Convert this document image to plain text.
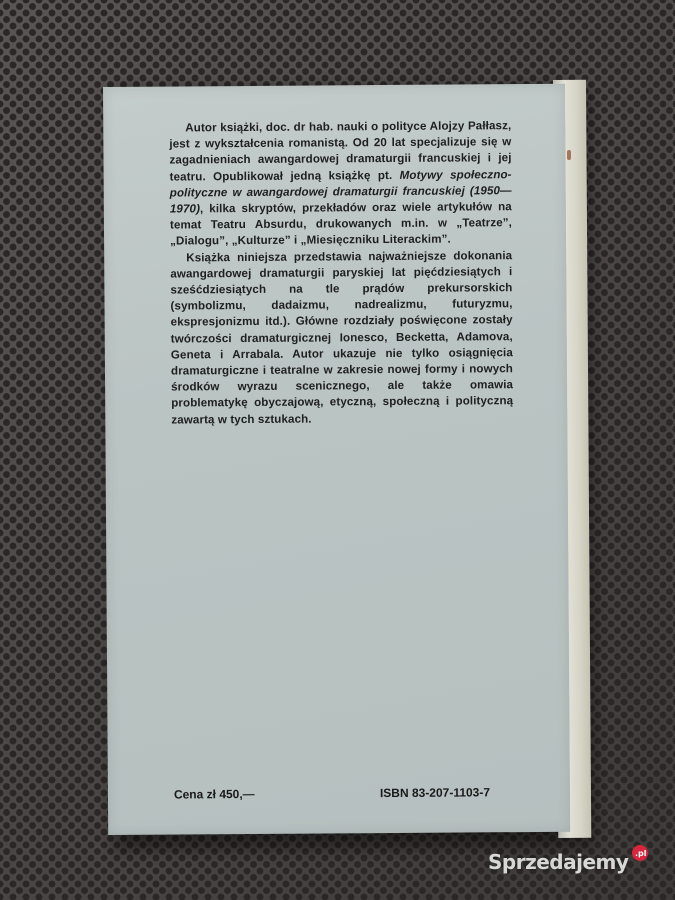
Autor książki, doc. dr hab. nauki o polityce Alojzy Pałłasz, jest z wykształcenia romanistą. Od 20 lat specjalizuje się w zagadnieniach awangardowej dramaturgii francuskiej i jej teatru. Opublikował jedną książkę pt. Motywy społeczno-polityczne w awangardowej dramaturgii francuskiej (1950—1970), kilka skryptów, przekładów oraz wiele artykułów na temat Teatru Absurdu, drukowanych m.in. w „Teatrze”, „Dialogu”, „Kulturze” i „Miesięczniku Literackim”.

Książka niniejsza przedstawia najważniejsze dokonania awangardowej dramaturgii paryskiej lat pięćdziesiątych i sześćdziesiątych na tle prądów prekursorskich (symbolizmu, dadaizmu, nadrealizmu, futuryzmu, ekspresjonizmu itd.). Główne rozdziały poświęcone zostały twórczości dramaturgicznej Ionesco, Becketta, Adamova, Geneta i Arrabala. Autor ukazuje nie tylko osiągnięcia dramaturgiczne i teatralne w zakresie nowej formy i nowych środków wyrazu scenicznego, ale także omawia problematykę obyczajową, etyczną, społeczną i polityczną zawartą w tych sztukach.

Cena zł 450,—	ISBN 83-207-1103-7
Sprzedajemy .pl
